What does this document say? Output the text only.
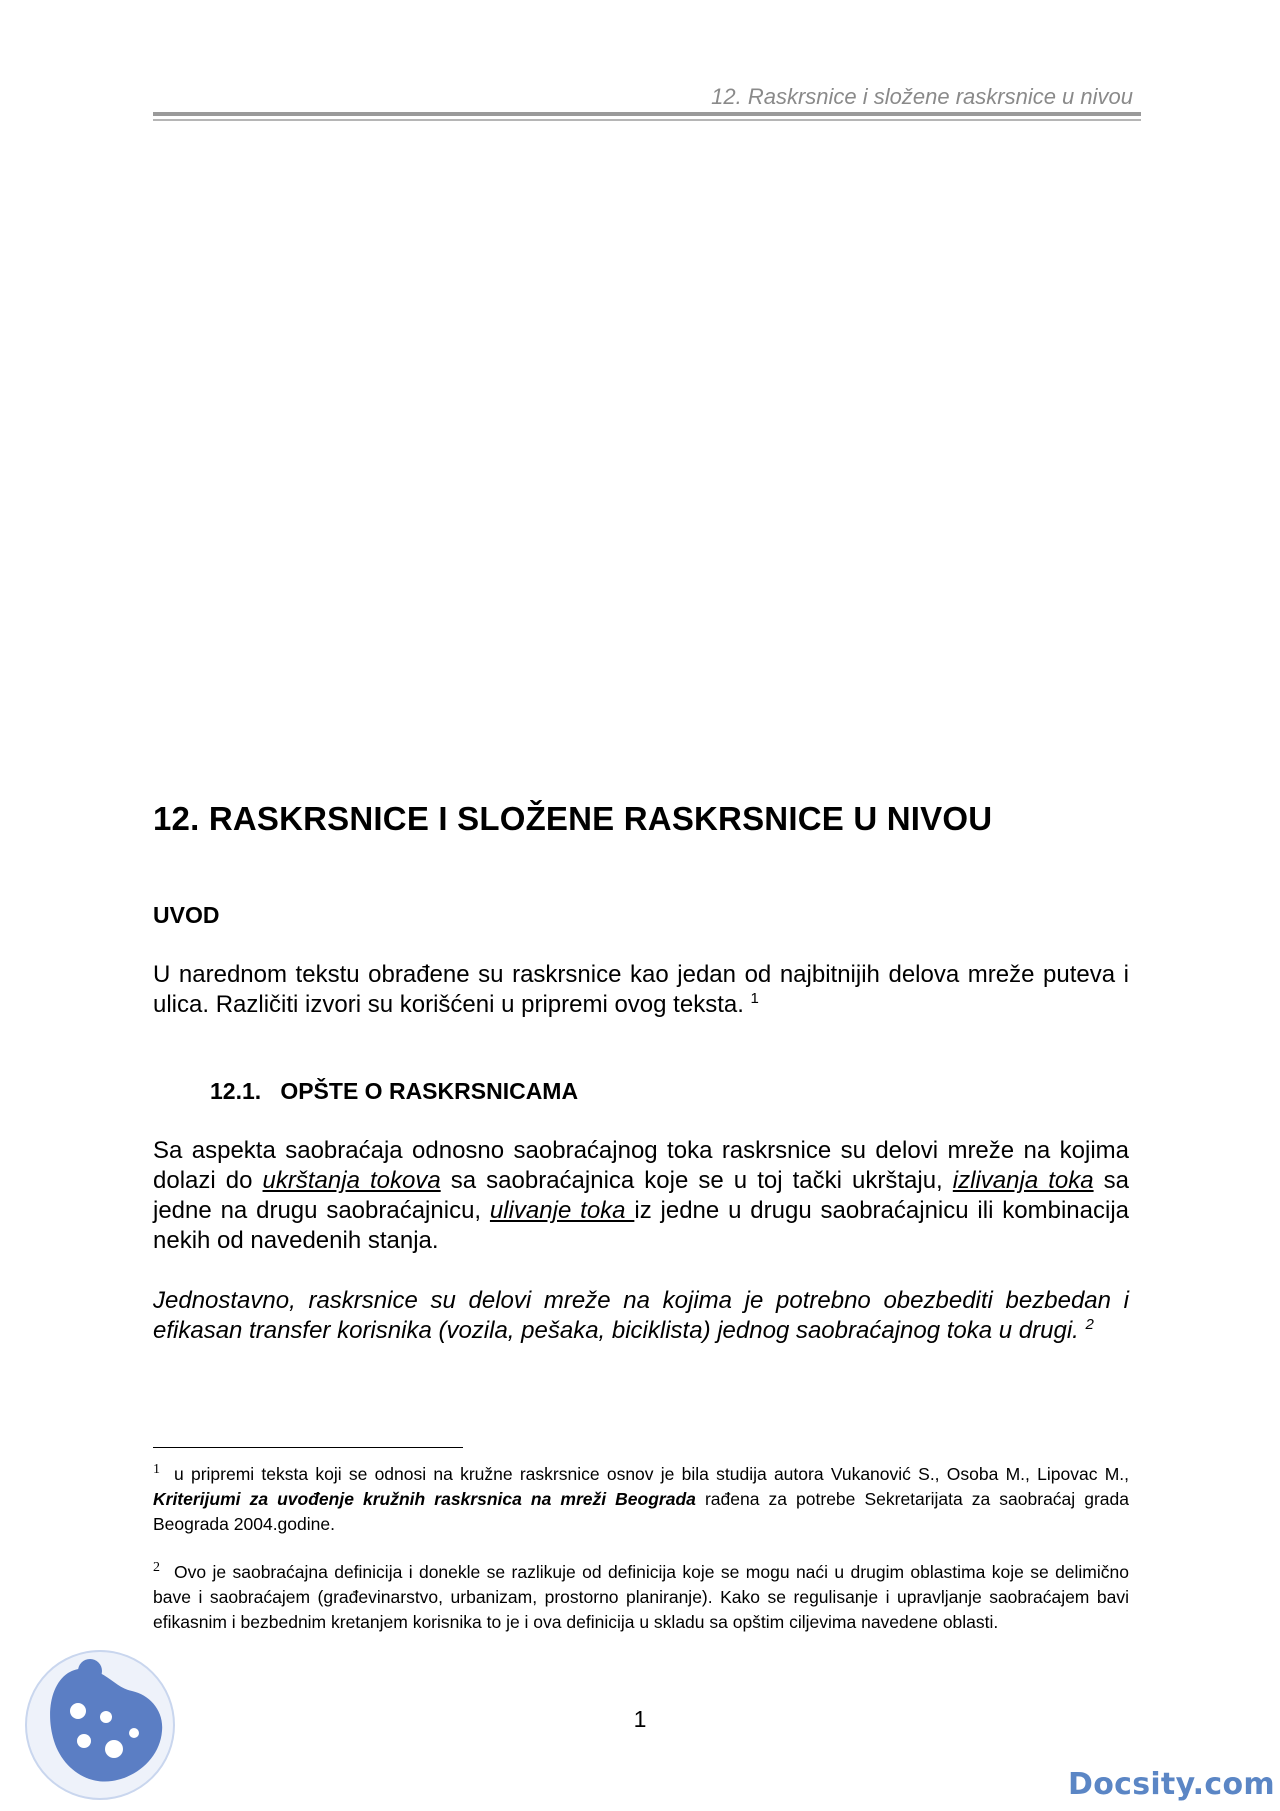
12. Raskrsnice i složene raskrsnice u nivou
12. RASKRSNICE I SLOŽENE RASKRSNICE U NIVOU
UVOD

U narednom tekstu obrađene su raskrsnice kao jedan od najbitnijih delova mreže puteva i ulica. Različiti izvori su korišćeni u pripremi ovog teksta. $^1$

12.1. OPŠTE O RASKRSNICAMA

Sa aspekta saobraćaja odnosno saobraćajnog toka raskrsnice su delovi mreže na kojima dolazi do ukrštanja tokova sa saobraćajnica koje se u toj tački ukrštaju, izlivanja toka sa jedne na drugu saobraćajnicu, ulivanje toka iz jedne u drugu saobraćajnicu ili kombinacija nekih od navedenih stanja.

Jednostavno, raskrsnice su delovi mreže na kojima je potrebno obezbediti bezbedan i efikasan transfer korisnika (vozila, pešaka, biciklista) jednog saobraćajnog toka u drugi. $^2$

$^1$ u pripremi teksta koji se odnosi na kružne raskrsnice osnov je bila studija autora Vukanović S., Osoba M., Lipovac M., Kriterijumi za uvođenje kružnih raskrsnica na mreži Beograda rađena za potrebe Sekretarijata za saobraćaj grada Beograda 2004.godine.

$^2$ Ovo je saobraćajna definicija i donekle se razlikuje od definicija koje se mogu naći u drugim oblastima koje se delimično bave i saobraćajem (građevinarstvo, urbanizam, prostorno planiranje). Kako se regulisanje i upravljanje saobraćajem bavi efikasnim i bezbednim kretanjem korisnika to je i ova definicija u skladu sa opštim ciljevima navedene oblasti.

1
Docsity.com
